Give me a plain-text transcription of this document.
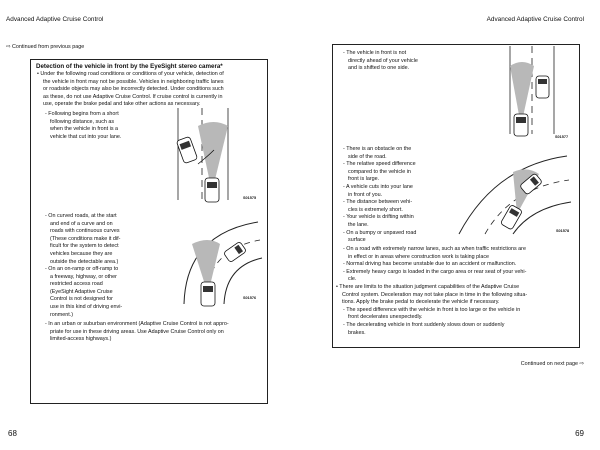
Advanced Adaptive Cruise Control	Advanced Adaptive Cruise Control
⇨ Continued from previous page
Detection of the vehicle in front by the EyeSight stereo camera*
• Under the following road conditions or conditions of your vehicle, detection of
the vehicle in front may not be possible. Vehicles in neighboring traffic lanes
or roadside objects may also be incorrectly detected. Under conditions such
as these, do not use Adaptive Cruise Control. If cruise control is currently in
use, operate the brake pedal and take other actions as necessary.
- Following begins from a short
following distance, such as
when the vehicle in front is a
vehicle that cut into your lane.
S01575
- On curved roads, at the start
and end of a curve and on
roads with continuous curves
(These conditions make it dif-
ficult for the system to detect
vehicles because they are
outside the detectable area.)
S01576
- On an on-ramp or off-ramp to
a freeway, highway, or other
restricted access road
(EyeSight Adaptive Cruise
Control is not designed for
use in this kind of driving envi-
ronment.)
- In an urban or suburban environment (Adaptive Cruise Control is not appro-
priate for use in these driving areas. Use Adaptive Cruise Control only on
limited-access highways.)
68
- The vehicle in front is not
directly ahead of your vehicle
and is shifted to one side.
S01577
- There is an obstacle on the
side of the road.
- The relative speed difference
compared to the vehicle in
front is large.
- A vehicle cuts into your lane
in front of you.
- The distance between vehi-
cles is extremely short.
- Your vehicle is drifting within
the lane.
- On a bumpy or unpaved road
surface
S01578
- On a road with extremely narrow lanes, such as when traffic restrictions are
in effect or in areas where construction work is taking place
- Normal driving has become unstable due to an accident or malfunction.
- Extremely heavy cargo is loaded in the cargo area or rear seat of your vehi-
cle.
• There are limits to the situation judgment capabilities of the Adaptive Cruise
Control system. Deceleration may not take place in time in the following situa-
tions. Apply the brake pedal to decelerate the vehicle if necessary.
- The speed difference with the vehicle in front is too large or the vehicle in
front decelerates unexpectedly.
- The decelerating vehicle in front suddenly slows down or suddenly
brakes.
Continued on next page ⇨
69
